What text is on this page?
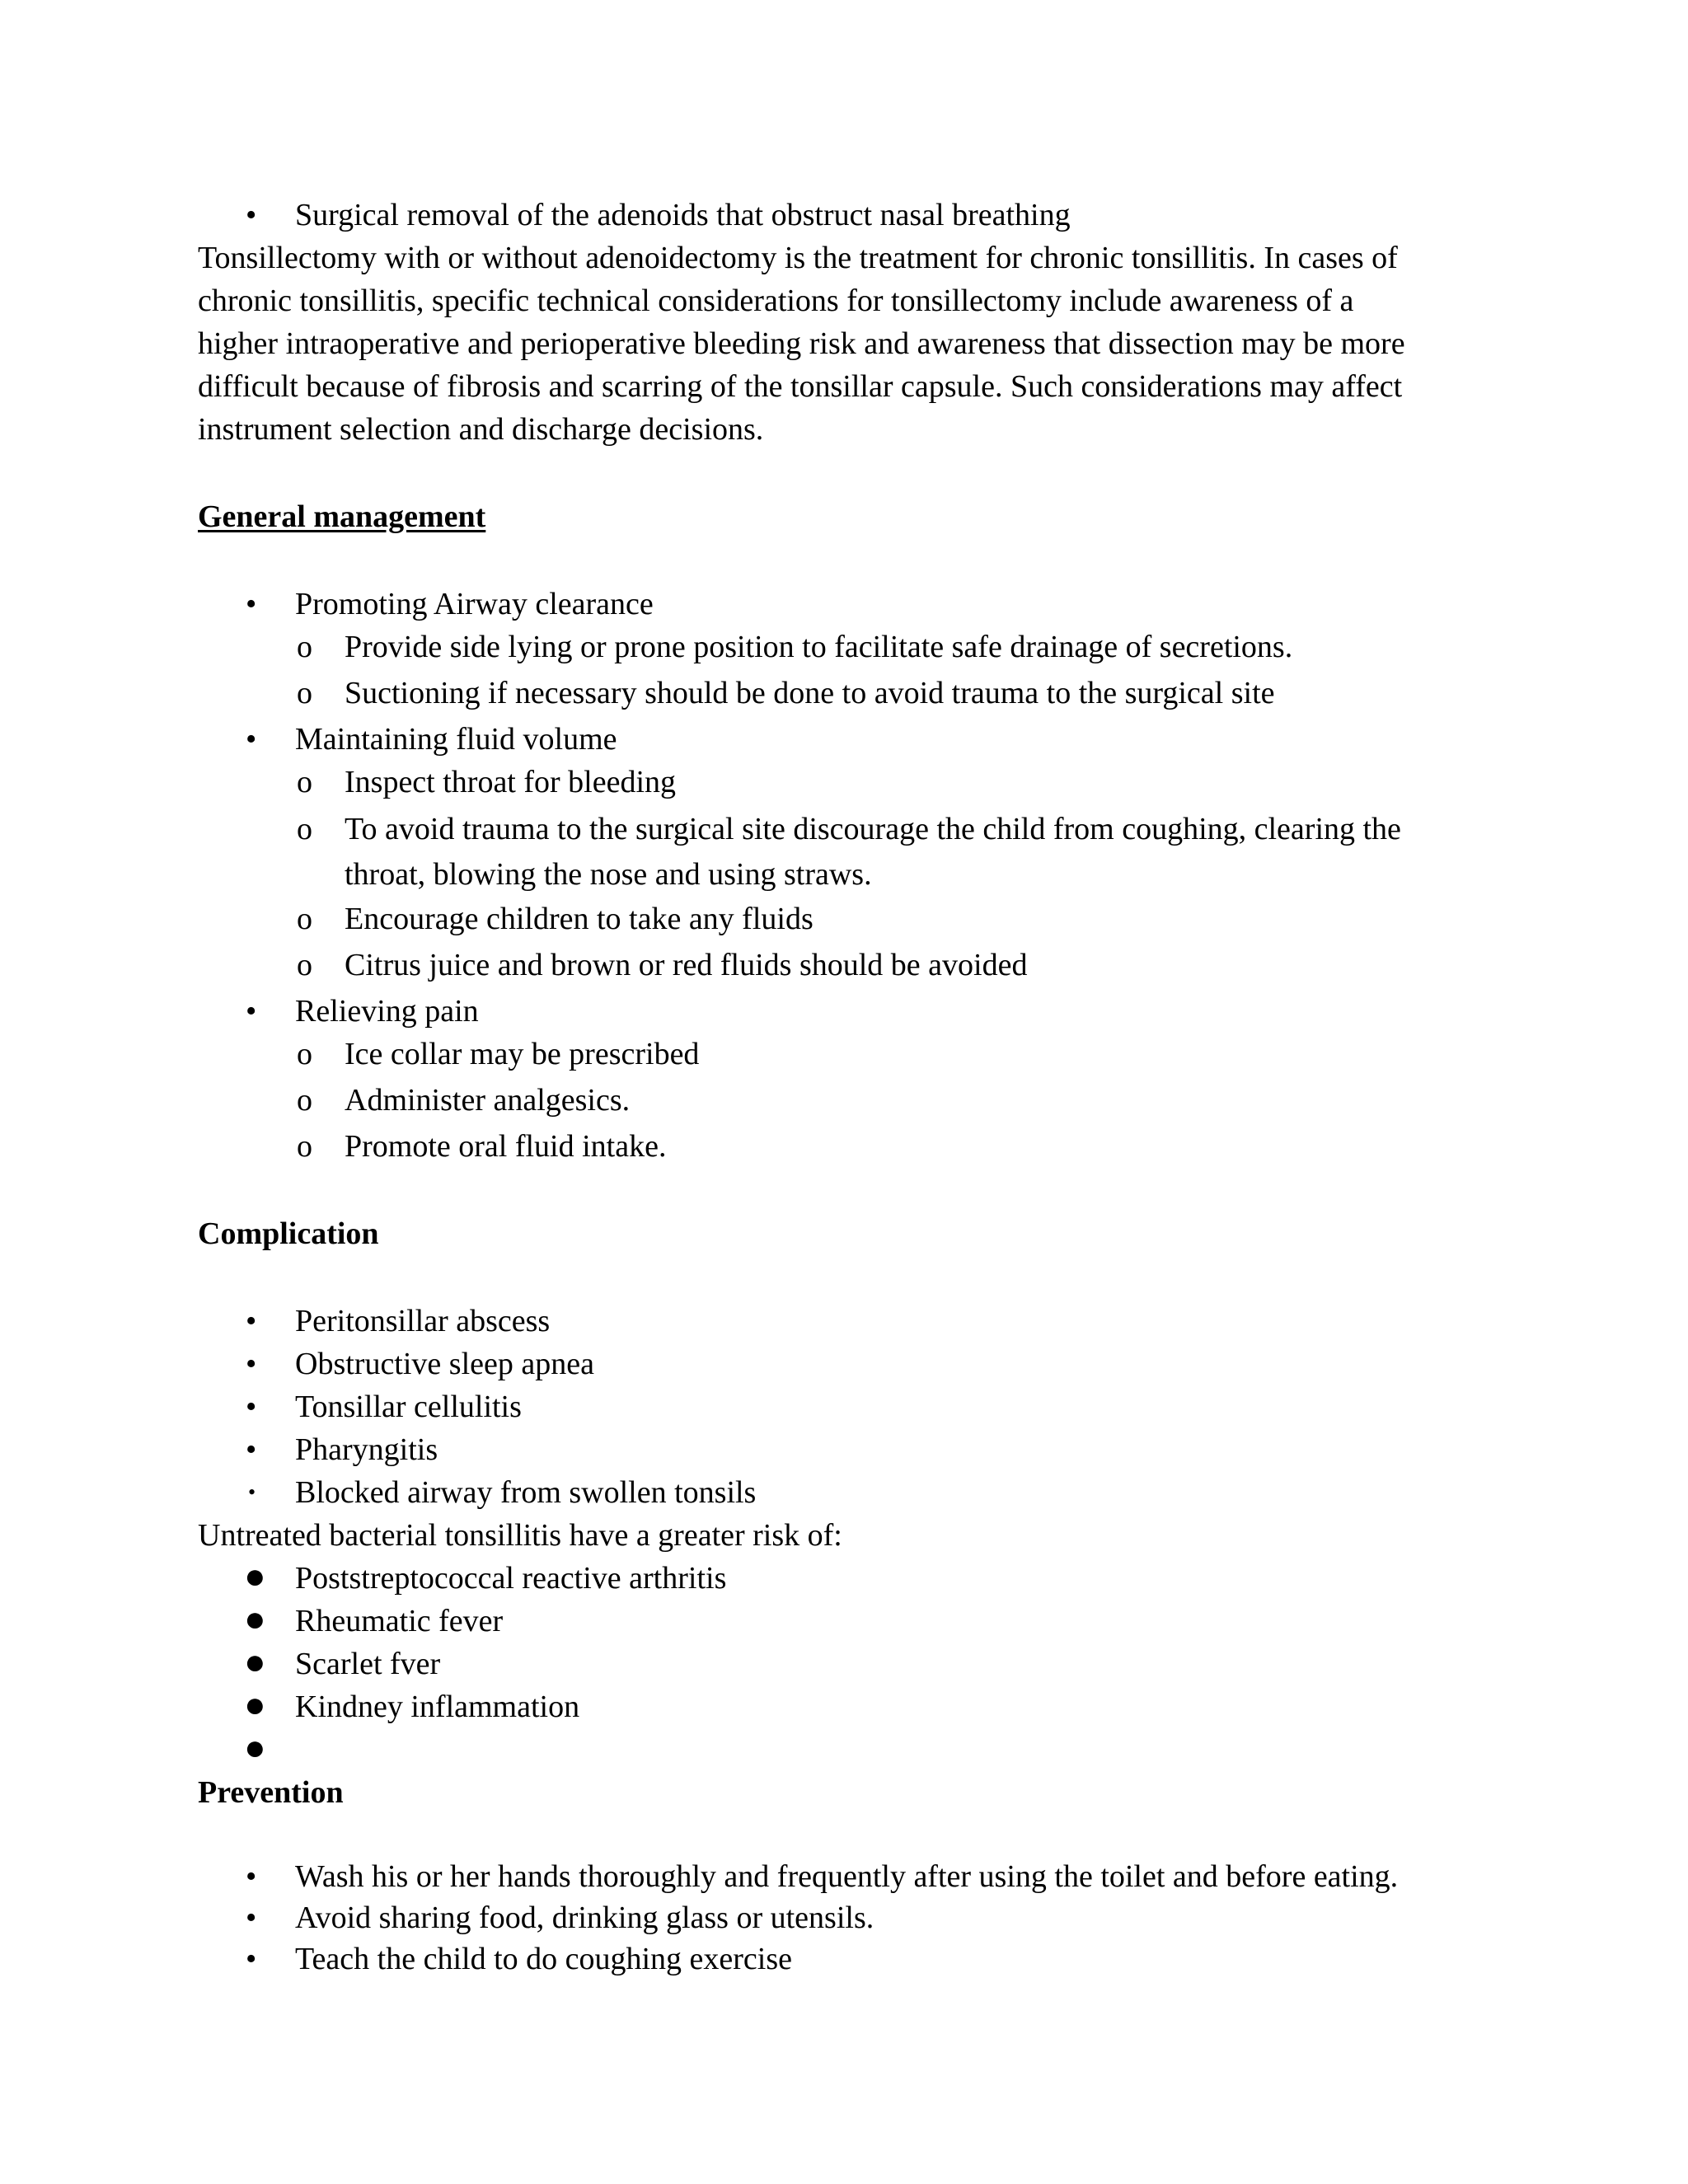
• Surgical removal of the adenoids that obstruct nasal breathing
Tonsillectomy with or without adenoidectomy is the treatment for chronic tonsillitis. In cases of
chronic tonsillitis, specific technical considerations for tonsillectomy include awareness of a
higher intraoperative and perioperative bleeding risk and awareness that dissection may be more
difficult because of fibrosis and scarring of the tonsillar capsule. Such considerations may affect
instrument selection and discharge decisions.
General management
• Promoting Airway clearance
o Provide side lying or prone position to facilitate safe drainage of secretions.
o Suctioning if necessary should be done to avoid trauma to the surgical site
• Maintaining fluid volume
o Inspect throat for bleeding
o To avoid trauma to the surgical site discourage the child from coughing, clearing the
throat, blowing the nose and using straws.
o Encourage children to take any fluids
o Citrus juice and brown or red fluids should be avoided
• Relieving pain
o Ice collar may be prescribed
o Administer analgesics.
o Promote oral fluid intake.
Complication
• Peritonsillar abscess
• Obstructive sleep apnea
• Tonsillar cellulitis
• Pharyngitis
• Blocked airway from swollen tonsils
Untreated bacterial tonsillitis have a greater risk of:
● Poststreptococcal reactive arthritis
● Rheumatic fever
● Scarlet fver
● Kindney inflammation
●
Prevention
• Wash his or her hands thoroughly and frequently after using the toilet and before eating.
• Avoid sharing food, drinking glass or utensils.
• Teach the child to do coughing exercise
